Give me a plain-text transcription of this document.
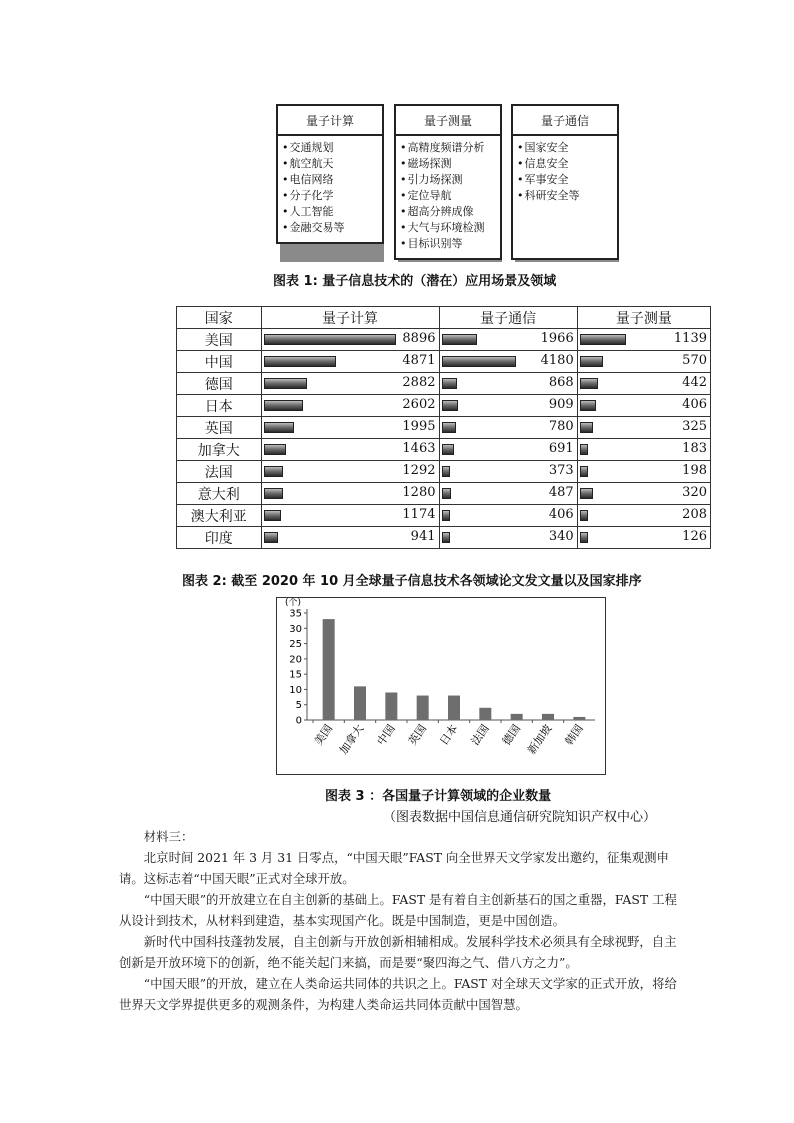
量子计算
• 交通规划
• 航空航天
• 电信网络
• 分子化学
• 人工智能
• 金融交易等
量子测量
• 高精度频谱分析
• 磁场探测
• 引力场探测
• 定位导航
• 超高分辨成像
• 大气与环境检测
• 目标识别等
量子通信
• 国家安全
• 信息安全
• 军事安全
• 科研安全等
图表 1: 量子信息技术的（潜在）应用场景及领域
国家	量子计算	量子通信	量子测量
美国	8896	1966	1139

中国	4871	4180	570

德国	2882	868	442

日本	2602	909	406

英国	1995	780	325

加拿大	1463	691	183

法国	1292	373	198

意大利	1280	487	320

澳大利亚	1174	406	208

印度	941	340	126
图表 2: 截至 2020 年 10 月全球量子信息技术各领域论文发文量以及国家排序
(个)
0
5
10
15
20
25
30
35
美国 加拿大 中国 英国 日本 法国 德国 新加坡 韩国
图表 3 ：各国量子计算领域的企业数量
（图表数据中国信息通信研究院知识产权中心）

材料三：

北京时间 2021 年 3 月 31 日零点，“中国天眼”FAST 向全世界天文学家发出邀约，征集观测申请。这标志着“中国天眼”正式对全球开放。

“中国天眼”的开放建立在自主创新的基础上。FAST 是有着自主创新基石的国之重器，FAST 工程从设计到技术，从材料到建造，基本实现国产化。既是中国制造，更是中国创造。

新时代中国科技蓬勃发展，自主创新与开放创新相辅相成。发展科学技术必须具有全球视野，自主创新是开放环境下的创新，绝不能关起门来搞，而是要“聚四海之气、借八方之力”。

“中国天眼”的开放，建立在人类命运共同体的共识之上。FAST 对全球天文学家的正式开放，将给世界天文学界提供更多的观测条件，为构建人类命运共同体贡献中国智慧。
